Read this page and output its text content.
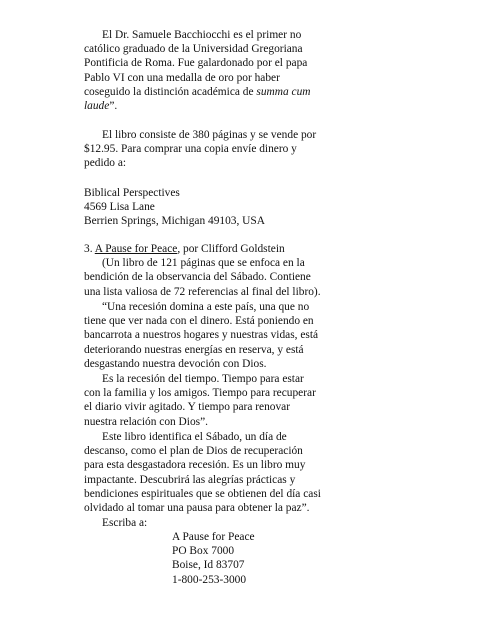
El Dr. Samuele Bacchiocchi es el primer no
católico graduado de la Universidad Gregoriana
Pontificia de Roma. Fue galardonado por el papa
Pablo VI con una medalla de oro por haber
coseguido la distinción académica de summa cum
laude”.

El libro consiste de 380 páginas y se vende por
$12.95. Para comprar una copia envíe dinero y
pedido a:

Biblical Perspectives
4569 Lisa Lane
Berrien Springs, Michigan 49103, USA

3. A Pause for Peace, por Clifford Goldstein
(Un libro de 121 páginas que se enfoca en la
bendición de la observancia del Sábado. Contiene
una lista valiosa de 72 referencias al final del libro).

“Una recesión domina a este país, una que no
tiene que ver nada con el dinero. Está poniendo en
bancarrota a nuestros hogares y nuestras vidas, está
deteriorando nuestras energías en reserva, y está
desgastando nuestra devoción con Dios.

Es la recesión del tiempo. Tiempo para estar
con la familia y los amigos. Tiempo para recuperar
el diario vivir agitado. Y tiempo para renovar
nuestra relación con Dios”.

Este libro identifica el Sábado, un día de
descanso, como el plan de Dios de recuperación
para esta desgastadora recesión. Es un libro muy
impactante. Descubrirá las alegrías prácticas y
bendiciones espirituales que se obtienen del día casi
olvidado al tomar una pausa para obtener la paz”.

Escriba a:

A Pause for Peace
PO Box 7000
Boise, Id 83707
1-800-253-3000
